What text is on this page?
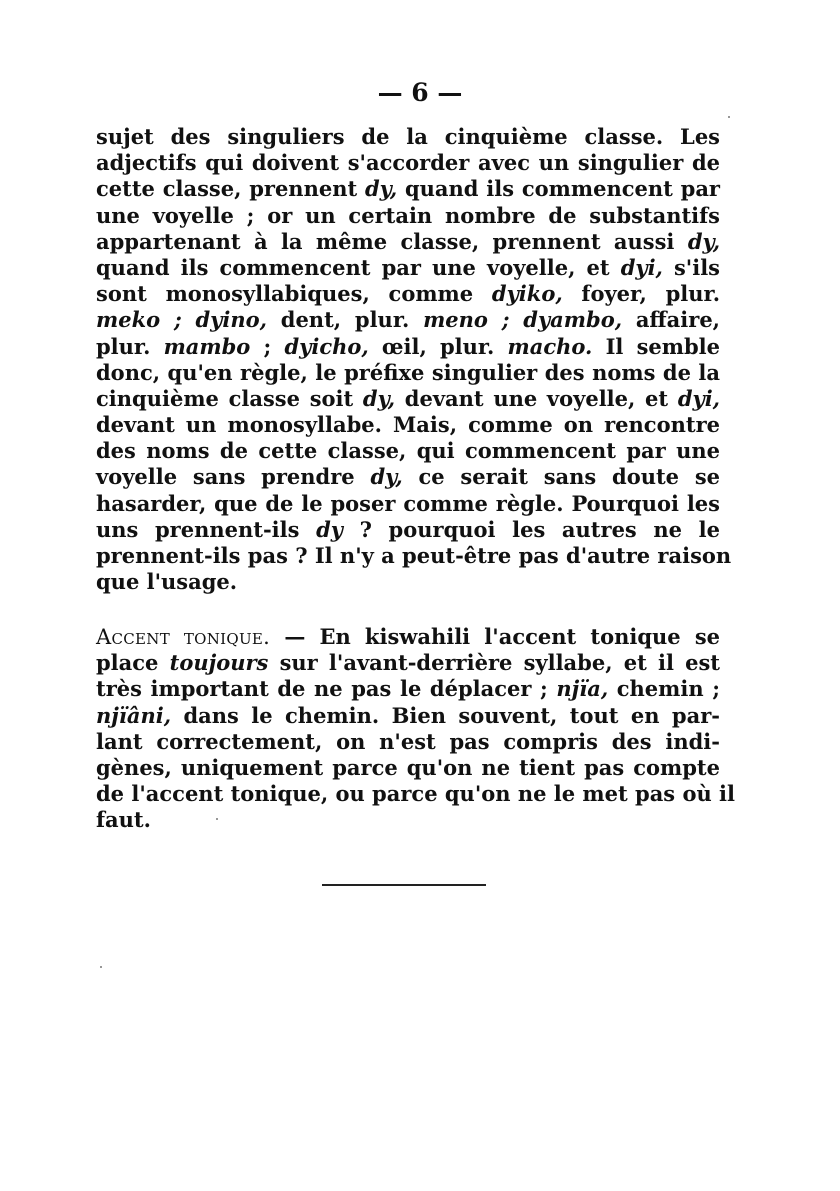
— 6 —
sujet des singuliers de la cinquième classe. Les
adjectifs qui doivent s'accorder avec un singulier de
cette classe, prennent dy, quand ils commencent par
une voyelle ; or un certain nombre de substantifs
appartenant à la même classe, prennent aussi dy,
quand ils commencent par une voyelle, et dyi, s'ils
sont monosyllabiques, comme dyiko, foyer, plur.
meko ; dyino, dent, plur. meno ; dyambo, affaire,
plur. mambo ; dyicho, œil, plur. macho. Il semble
donc, qu'en règle, le préfixe singulier des noms de la
cinquième classe soit dy, devant une voyelle, et dyi,
devant un monosyllabe. Mais, comme on rencontre
des noms de cette classe, qui commencent par une
voyelle sans prendre dy, ce serait sans doute se
hasarder, que de le poser comme règle. Pourquoi les
uns prennent-ils dy ? pourquoi les autres ne le
prennent-ils pas ? Il n'y a peut-être pas d'autre raison
que l'usage.
Accent tonique. — En kiswahili l'accent tonique se
place toujours sur l'avant-derrière syllabe, et il est
très important de ne pas le déplacer ; njïa, chemin ;
njïâni, dans le chemin. Bien souvent, tout en par-
lant correctement, on n'est pas compris des indi-
gènes, uniquement parce qu'on ne tient pas compte
de l'accent tonique, ou parce qu'on ne le met pas où il
faut.
